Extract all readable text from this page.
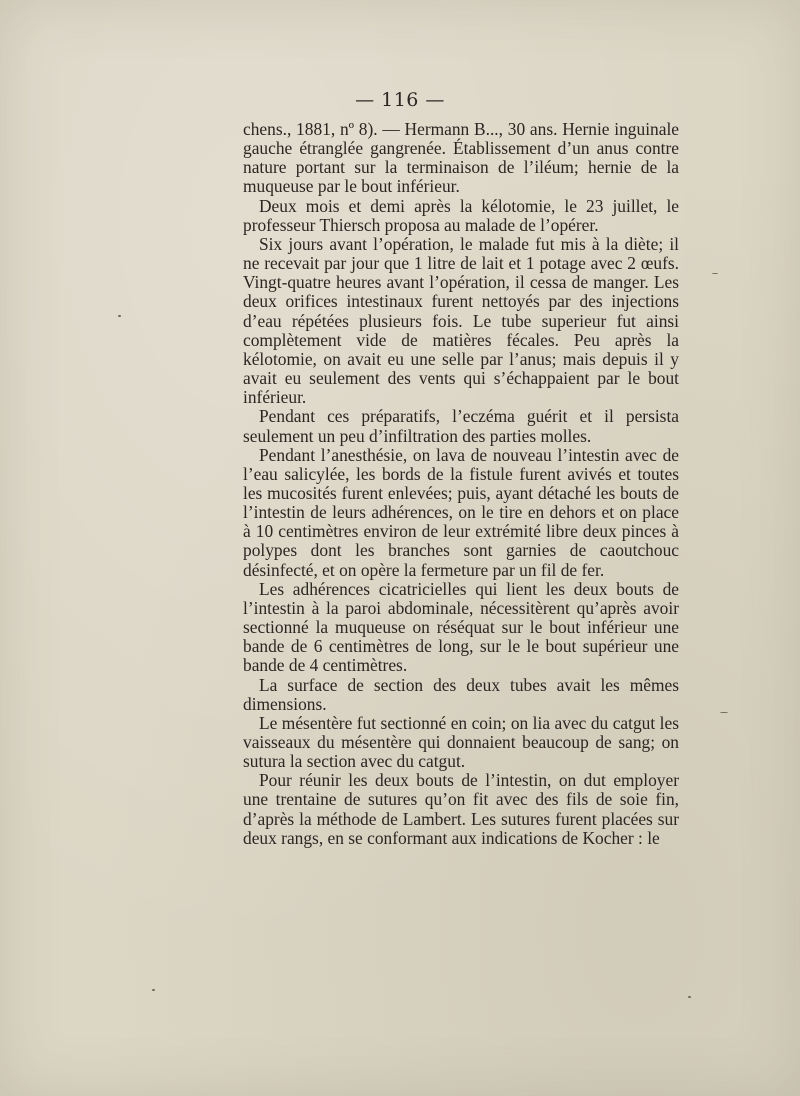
— 116 —

chens., 1881, nº 8). — Hermann B..., 30 ans. Hernie inguinale gauche étranglée gangrenée. Établissement d’un anus contre nature portant sur la terminaison de l’iléum; hernie de la muqueuse par le bout inférieur.

Deux mois et demi après la kélotomie, le 23 juillet, le professeur Thiersch proposa au malade de l’opérer.

Six jours avant l’opération, le malade fut mis à la diète; il ne recevait par jour que 1 litre de lait et 1 potage avec 2 œufs. Vingt-quatre heures avant l’opération, il cessa de manger. Les deux orifices intestinaux furent nettoyés par des injections d’eau répétées plusieurs fois. Le tube superieur fut ainsi complètement vide de matières fécales. Peu après la kélotomie, on avait eu une selle par l’anus; mais depuis il y avait eu seulement des vents qui s’échappaient par le bout inférieur.

Pendant ces préparatifs, l’eczéma guérit et il persista seulement un peu d’infiltration des parties molles.

Pendant l’anesthésie, on lava de nouveau l’intestin avec de l’eau salicylée, les bords de la fistule furent avivés et toutes les mucosités furent enlevées; puis, ayant détaché les bouts de l’intestin de leurs adhérences, on le tire en dehors et on place à 10 centimètres environ de leur extrémité libre deux pinces à polypes dont les branches sont garnies de caoutchouc désinfecté, et on opère la fermeture par un fil de fer.

Les adhérences cicatricielles qui lient les deux bouts de l’intestin à la paroi abdominale, nécessitèrent qu’après avoir sectionné la muqueuse on réséquat sur le bout inférieur une bande de 6 centimètres de long, sur le le bout supérieur une bande de 4 centimètres.

La surface de section des deux tubes avait les mêmes dimensions.

Le mésentère fut sectionné en coin; on lia avec du catgut les vaisseaux du mésentère qui donnaient beaucoup de sang; on sutura la section avec du catgut.

Pour réunir les deux bouts de l’intestin, on dut employer une trentaine de sutures qu’on fit avec des fils de soie fin, d’après la méthode de Lambert. Les sutures furent placées sur deux rangs, en se conformant aux indications de Kocher : le
